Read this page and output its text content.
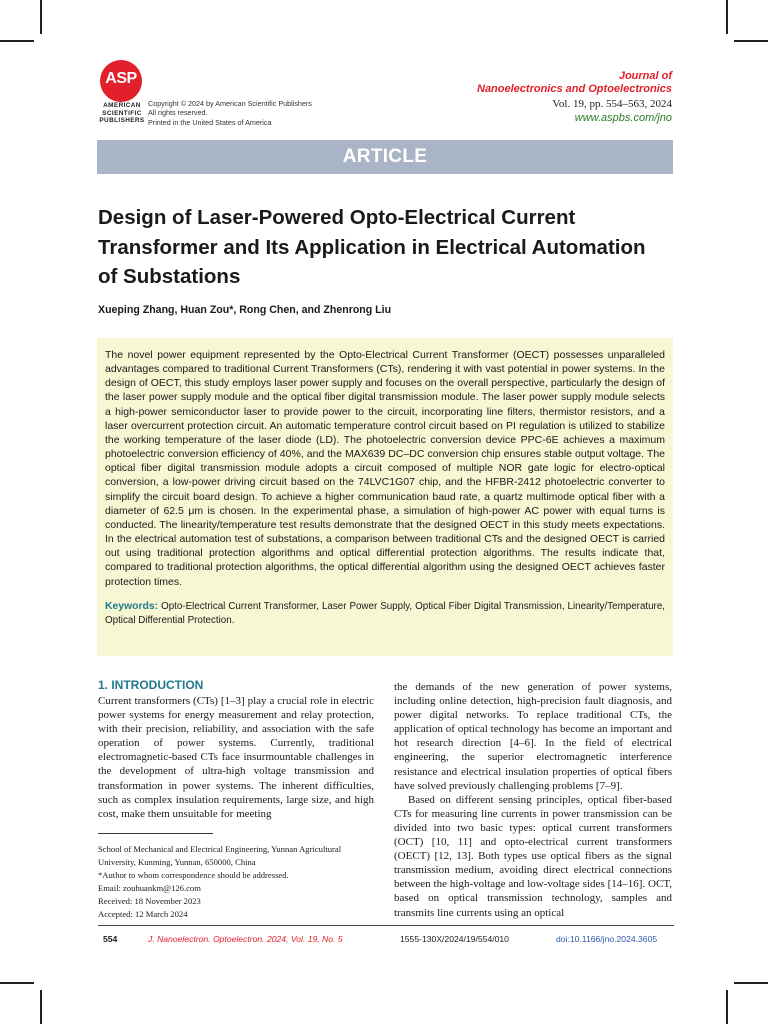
ASP
AMERICAN
SCIENTIFIC
PUBLISHERS
Copyright © 2024 by American Scientific Publishers
All rights reserved.
Printed in the United States of America
Journal of
Nanoelectronics and Optoelectronics
Vol. 19, pp. 554–563, 2024
www.aspbs.com/jno
ARTICLE
Design of Laser-Powered Opto-Electrical Current Transformer and Its Application in Electrical Automation of Substations
Xueping Zhang, Huan Zou*, Rong Chen, and Zhenrong Liu

The novel power equipment represented by the Opto-Electrical Current Transformer (OECT) possesses unparalleled advantages compared to traditional Current Transformers (CTs), rendering it with vast potential in power systems. In the design of OECT, this study employs laser power supply and focuses on the overall perspective, particularly the design of the laser power supply module and the optical fiber digital transmission module. The laser power supply module selects a high-power semiconductor laser to provide power to the circuit, incorporating line filters, thermistor resistors, and a laser overcurrent protection circuit. An automatic temperature control circuit based on PI regulation is utilized to stabilize the working temperature of the laser diode (LD). The photoelectric conversion device PPC-6E achieves a maximum photoelectric conversion efficiency of 40%, and the MAX639 DC–DC conversion chip ensures stable output voltage. The optical fiber digital transmission module adopts a circuit composed of multiple NOR gate logic for electro-optical conversion, a low-power driving circuit based on the 74LVC1G07 chip, and the HFBR-2412 photoelectric converter to simplify the circuit board design. To achieve a higher communication baud rate, a quartz multimode optical fiber with a diameter of 62.5 μm is chosen. In the experimental phase, a simulation of high-power AC power with equal turns is conducted. The linearity/temperature test results demonstrate that the designed OECT in this study meets expectations. In the electrical automation test of substations, a comparison between traditional CTs and the designed OECT is carried out using traditional protection algorithms and optical differential protection algorithms. The results indicate that, compared to traditional protection algorithms, the optical differential algorithm using the designed OECT achieves faster protection times.

Keywords: Opto-Electrical Current Transformer, Laser Power Supply, Optical Fiber Digital Transmission, Linearity/Temperature, Optical Differential Protection.
1. INTRODUCTION

Current transformers (CTs) [1–3] play a crucial role in electric power systems for energy measurement and relay protection, with their precision, reliability, and association with the safe operation of power systems. Currently, traditional electromagnetic-based CTs face insurmountable challenges in the development of ultra-high voltage transmission and transformation in power systems. The inherent difficulties, such as complex insulation requirements, large size, and high cost, make them unsuitable for meeting

the demands of the new generation of power systems, including online detection, high-precision fault diagnosis, and power digital networks. To replace traditional CTs, the application of optical technology has become an important and hot research direction [4–6]. In the field of electrical engineering, the superior electromagnetic interference resistance and electrical insulation properties of optical fibers have solved previously challenging problems [7–9].

Based on different sensing principles, optical fiber-based CTs for measuring line currents in power transmission can be divided into two basic types: optical current transformers (OCT) [10, 11] and opto-electrical current transformers (OECT) [12, 13]. Both types use optical fibers as the signal transmission medium, avoiding direct electrical connections between the high-voltage and low-voltage sides [14–16]. OCT, based on optical transmission technology, samples and transmits line currents using an optical

School of Mechanical and Electrical Engineering, Yunnan Agricultural
University, Kunming, Yunnan, 650000, China
*Author to whom correspondence should be addressed.
Email: zouhuankm@126.com
Received: 18 November 2023
Accepted: 12 March 2024
554	J. Nanoelectron. Optoelectron. 2024, Vol. 19, No. 5	1555-130X/2024/19/554/010	doi:10.1166/jno.2024.3605
